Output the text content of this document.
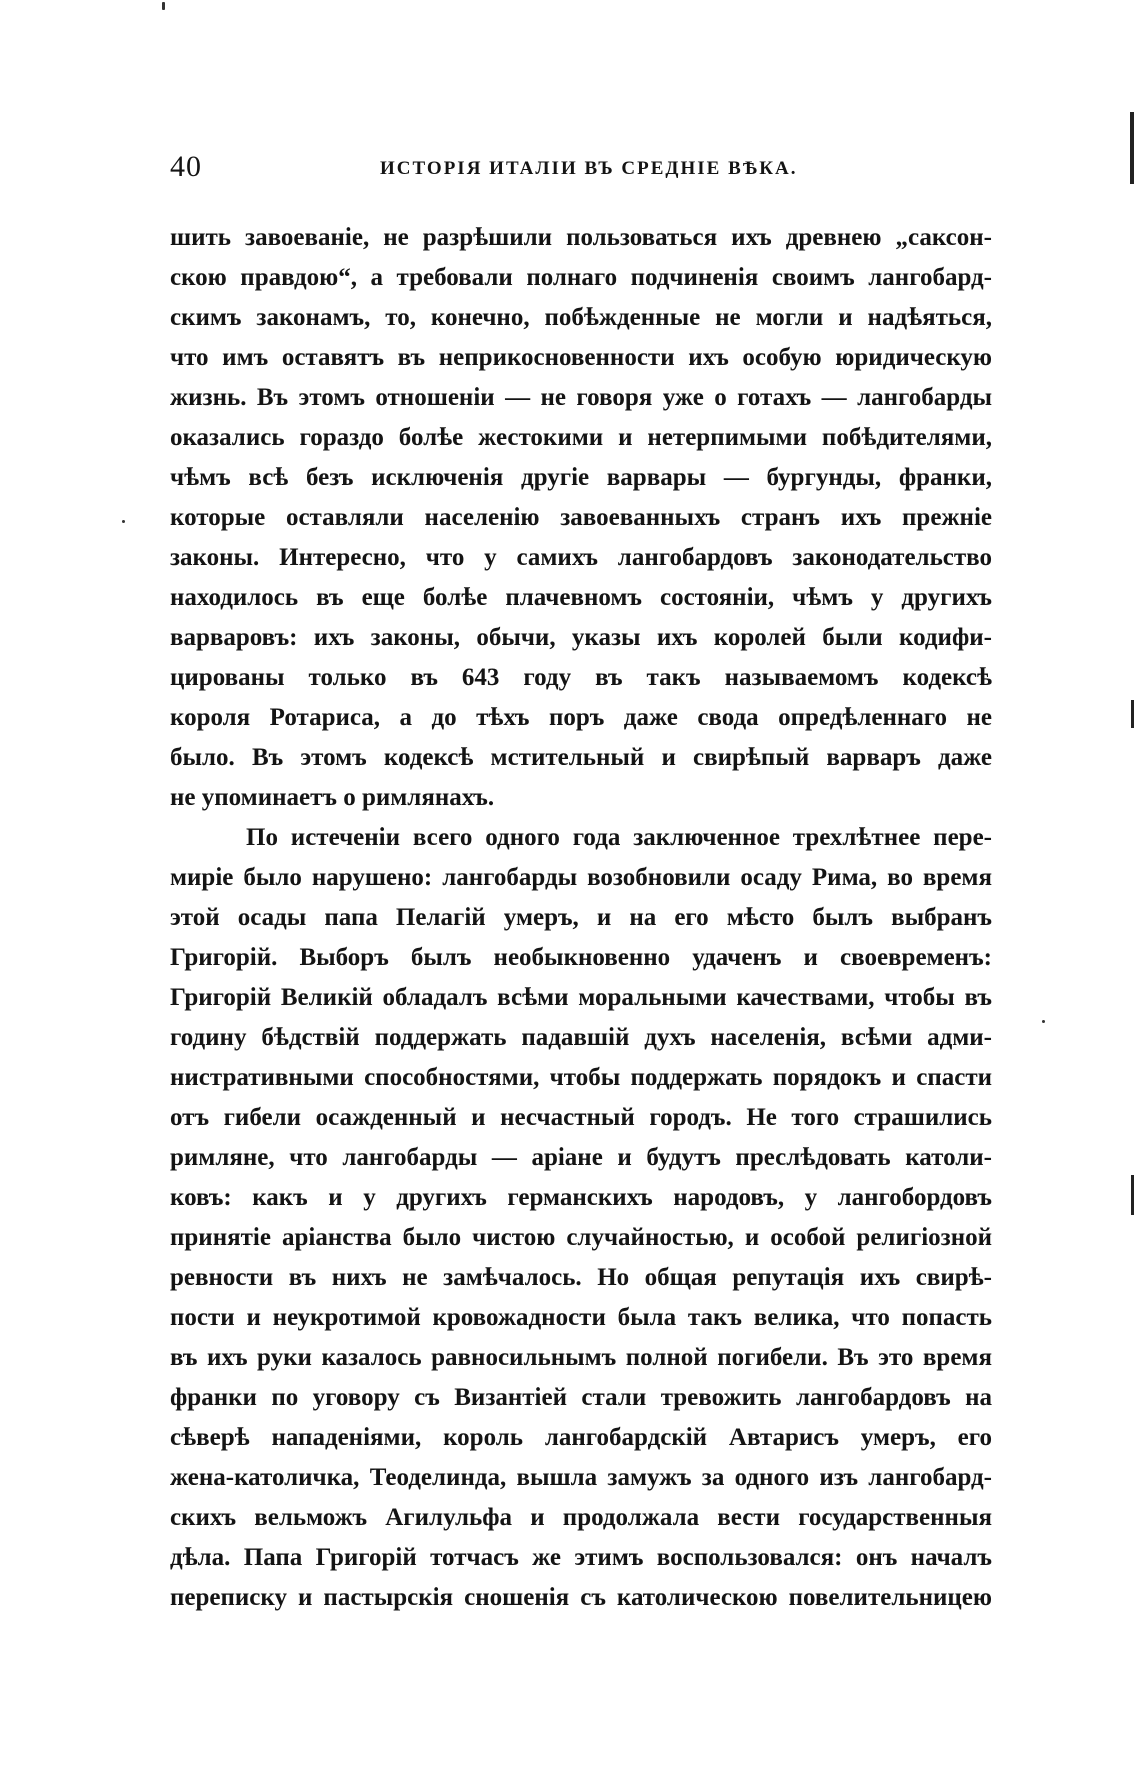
40	ИСТОРІЯ ИТАЛІИ ВЪ СРЕДНІЕ ВѢКА.
шить завоеваніе, не разрѣшили пользоваться ихъ древнею „саксон-
скою правдою“, а требовали полнаго подчиненія своимъ лангобард-
скимъ законамъ, то, конечно, побѣжденные не могли и надѣяться,
что имъ оставятъ въ неприкосновенности ихъ особую юридическую
жизнь. Въ этомъ отношеніи — не говоря уже о готахъ — лангобарды
оказались гораздо болѣе жестокими и нетерпимыми побѣдителями,
чѣмъ всѣ безъ исключенія другіе варвары — бургунды, франки,
которые оставляли населенію завоеванныхъ странъ ихъ прежніе
законы. Интересно, что у самихъ лангобардовъ законодательство
находилось въ еще болѣе плачевномъ состояніи, чѣмъ у другихъ
варваровъ: ихъ законы, обычи, указы ихъ королей были кодифи-
цированы только въ 643 году въ такъ называемомъ кодексѣ
короля Ротариса, а до тѣхъ поръ даже свода опредѣленнаго не
было. Въ этомъ кодексѣ мстительный и свирѣпый варваръ даже
не упоминаетъ о римлянахъ.
По истеченіи всего одного года заключенное трехлѣтнее пере-
миріе было нарушено: лангобарды возобновили осаду Рима, во время
этой осады папа Пелагій умеръ, и на его мѣсто былъ выбранъ
Григорій. Выборъ былъ необыкновенно удаченъ и своевременъ:
Григорій Великій обладалъ всѣми моральными качествами, чтобы въ
годину бѣдствій поддержать падавшій духъ населенія, всѣми адми-
нистративными способностями, чтобы поддержать порядокъ и спасти
отъ гибели осажденный и несчастный городъ. Не того страшились
римляне, что лангобарды — аріане и будутъ преслѣдовать католи-
ковъ: какъ и у другихъ германскихъ народовъ, у лангобордовъ
принятіе аріанства было чистою случайностью, и особой религіозной
ревности въ нихъ не замѣчалось. Но общая репутація ихъ свирѣ-
пости и неукротимой кровожадности была такъ велика, что попасть
въ ихъ руки казалось равносильнымъ полной погибели. Въ это время
франки по уговору съ Византіей стали тревожить лангобардовъ на
сѣверѣ нападеніями, король лангобардскій Автарисъ умеръ, его
жена-католичка, Теоделинда, вышла замужъ за одного изъ лангобард-
скихъ вельможъ Агилульфа и продолжала вести государственныя
дѣла. Папа Григорій тотчасъ же этимъ воспользовался: онъ началъ
переписку и пастырскія сношенія съ католическою повелительницею
